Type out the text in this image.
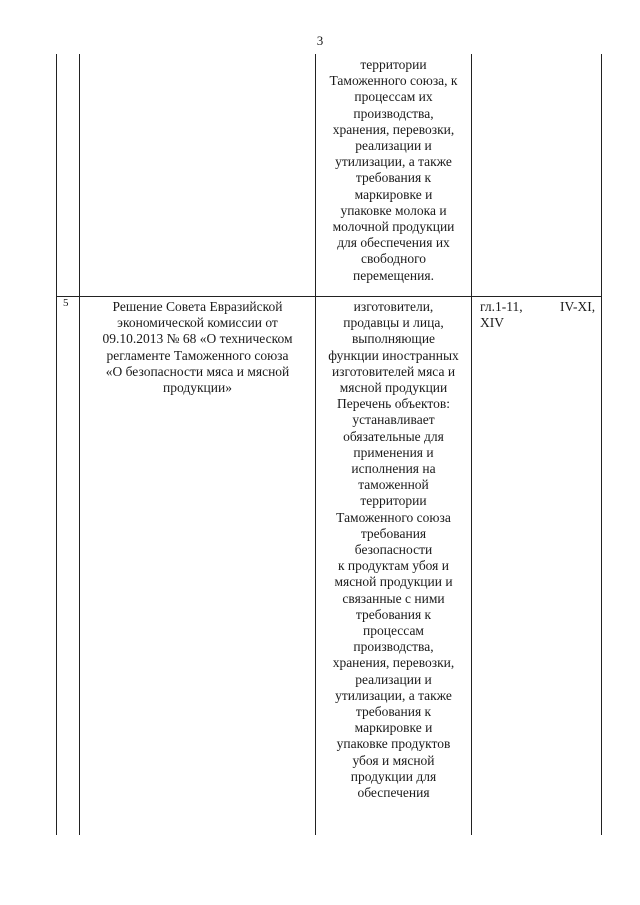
3
территории
Таможенного союза, к
процессам их
производства,
хранения, перевозки,
реализации и
утилизации, а также
требования к
маркировке и
упаковке молока и
молочной продукции
для обеспечения их
свободного
перемещения.
5	Решение Совета Евразийской
экономической комиссии от
09.10.2013 № 68 «О техническом
регламенте Таможенного союза
«О безопасности мяса и мясной
продукции»
изготовители,
продавцы и лица,
выполняющие
функции иностранных
изготовителей мяса и
мясной продукции
Перечень объектов:
устанавливает
обязательные для
применения и
исполнения на
таможенной
территории
Таможенного союза
требования
безопасности
к продуктам убоя и
мясной продукции и
связанные с ними
требования к
процессам
производства,
хранения, перевозки,
реализации и
утилизации, а также
требования к
маркировке и
упаковке продуктов
убоя и мясной
продукции для
обеспечения
гл.1-11,
XIV
IV-XI,
